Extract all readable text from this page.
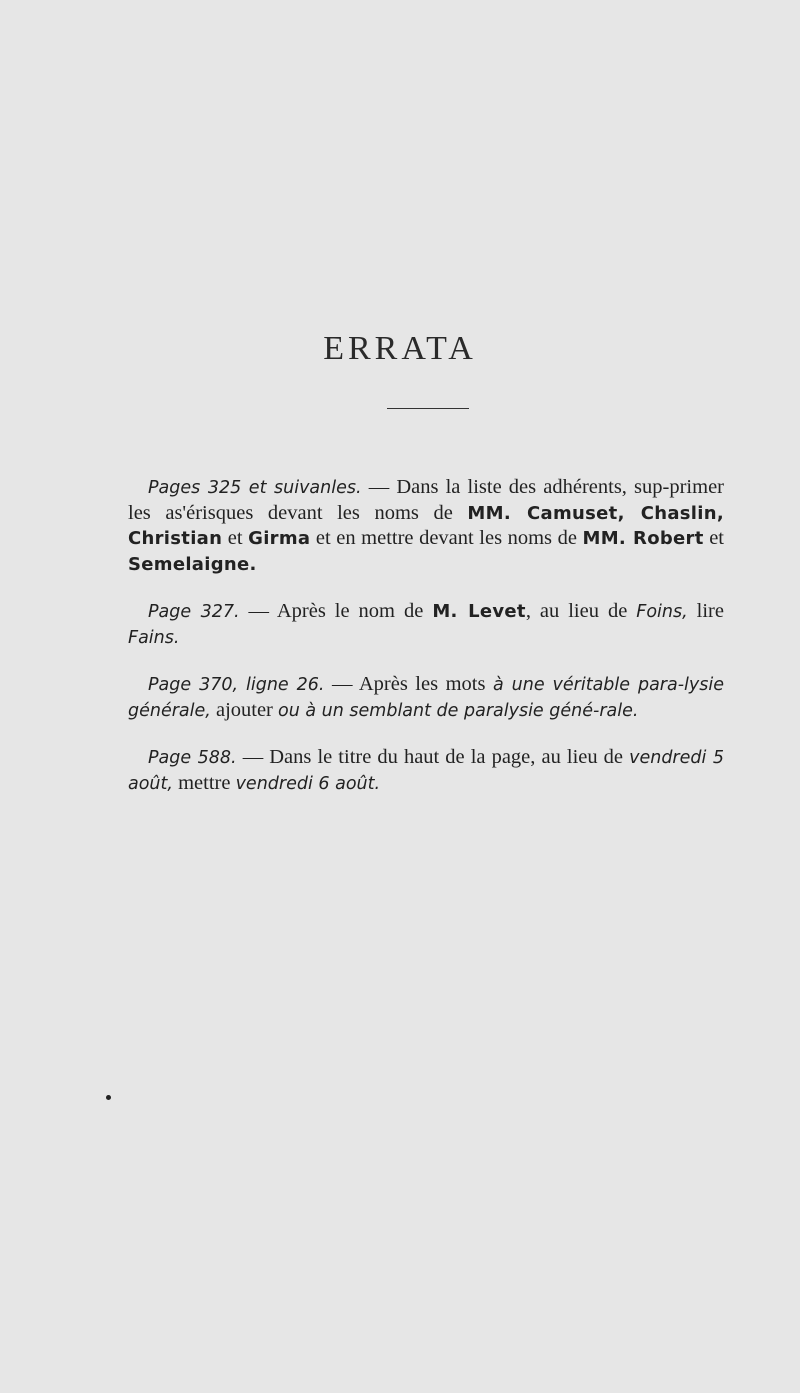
ERRATA

Pages 325 et suivanles. — Dans la liste des adhérents, sup-primer les as'érisques devant les noms de MM. Camuset, Chaslin, Christian et Girma et en mettre devant les noms de MM. Robert et Semelaigne.

Page 327. — Après le nom de M. Levet, au lieu de Foins, lire Fains.

Page 370, ligne 26. — Après les mots à une véritable para-lysie générale, ajouter ou à un semblant de paralysie géné-rale.

Page 588. — Dans le titre du haut de la page, au lieu de vendredi 5 août, mettre vendredi 6 août.
